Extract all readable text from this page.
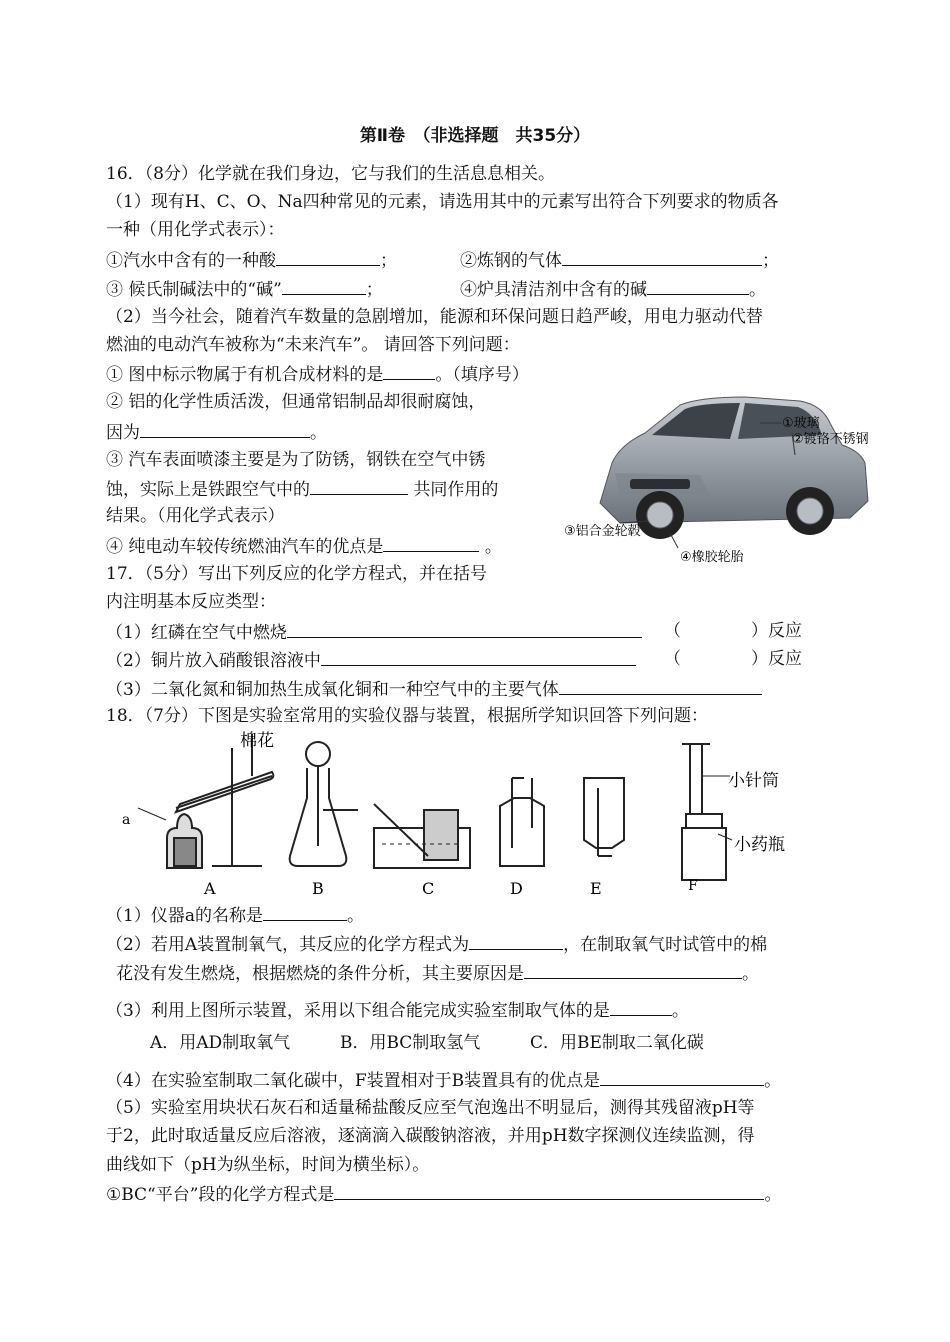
第Ⅱ卷　（非选择题　共35分）
16．（8分）化学就在我们身边，它与我们的生活息息相关。
（1）现有H、C、O、Na四种常见的元素，请选用其中的元素写出符合下列要求的物质各
一种（用化学式表示）：
①汽水中含有的一种酸	；	②炼钢的气体	；
③ 候氏制碱法中的“碱”	；	④炉具清洁剂中含有的碱	。
（2）当今社会，随着汽车数量的急剧增加，能源和环保问题日趋严峻，用电力驱动代替
燃油的电动汽车被称为“未来汽车”。 请回答下列问题：
① 图中标示物属于有机合成材料的是	。（填序号）
② 铝的化学性质活泼，但通常铝制品却很耐腐蚀，
因为	。
③ 汽车表面喷漆主要是为了防锈，钢铁在空气中锈
蚀，实际上是铁跟空气中的	共同作用的
结果。（用化学式表示）
④ 纯电动车较传统燃油汽车的优点是	。
①玻璃
②镀铬不锈钢
③铝合金轮毂
④橡胶轮胎
17．（5分）写出下列反应的化学方程式，并在括号
内注明基本反应类型：
（1）红磷在空气中燃烧	（	）反应
（2）铜片放入硝酸银溶液中	（	）反应
（3）二氧化氮和铜加热生成氧化铜和一种空气中的主要气体
18．（7分）下图是实验室常用的实验仪器与装置，根据所学知识回答下列问题：
棉花
a
A	B	C	D	E	F
小针筒
小药瓶
（1）仪器a的名称是	。
（2）若用A装置制氧气，其反应的化学方程式为	，在制取氧气时试管中的棉
花没有发生燃烧，根据燃烧的条件分析，其主要原因是	。
（3）利用上图所示装置，采用以下组合能完成实验室制取气体的是	。
A．用AD制取氧气	B．用BC制取氢气	C．用BE制取二氧化碳
（4）在实验室制取二氧化碳中，F装置相对于B装置具有的优点是	。
（5）实验室用块状石灰石和适量稀盐酸反应至气泡逸出不明显后，测得其残留液pH等
于2，此时取适量反应后溶液，逐滴滴入碳酸钠溶液，并用pH数字探测仪连续监测，得
曲线如下（pH为纵坐标，时间为横坐标）。
①BC“平台”段的化学方程式是	。
